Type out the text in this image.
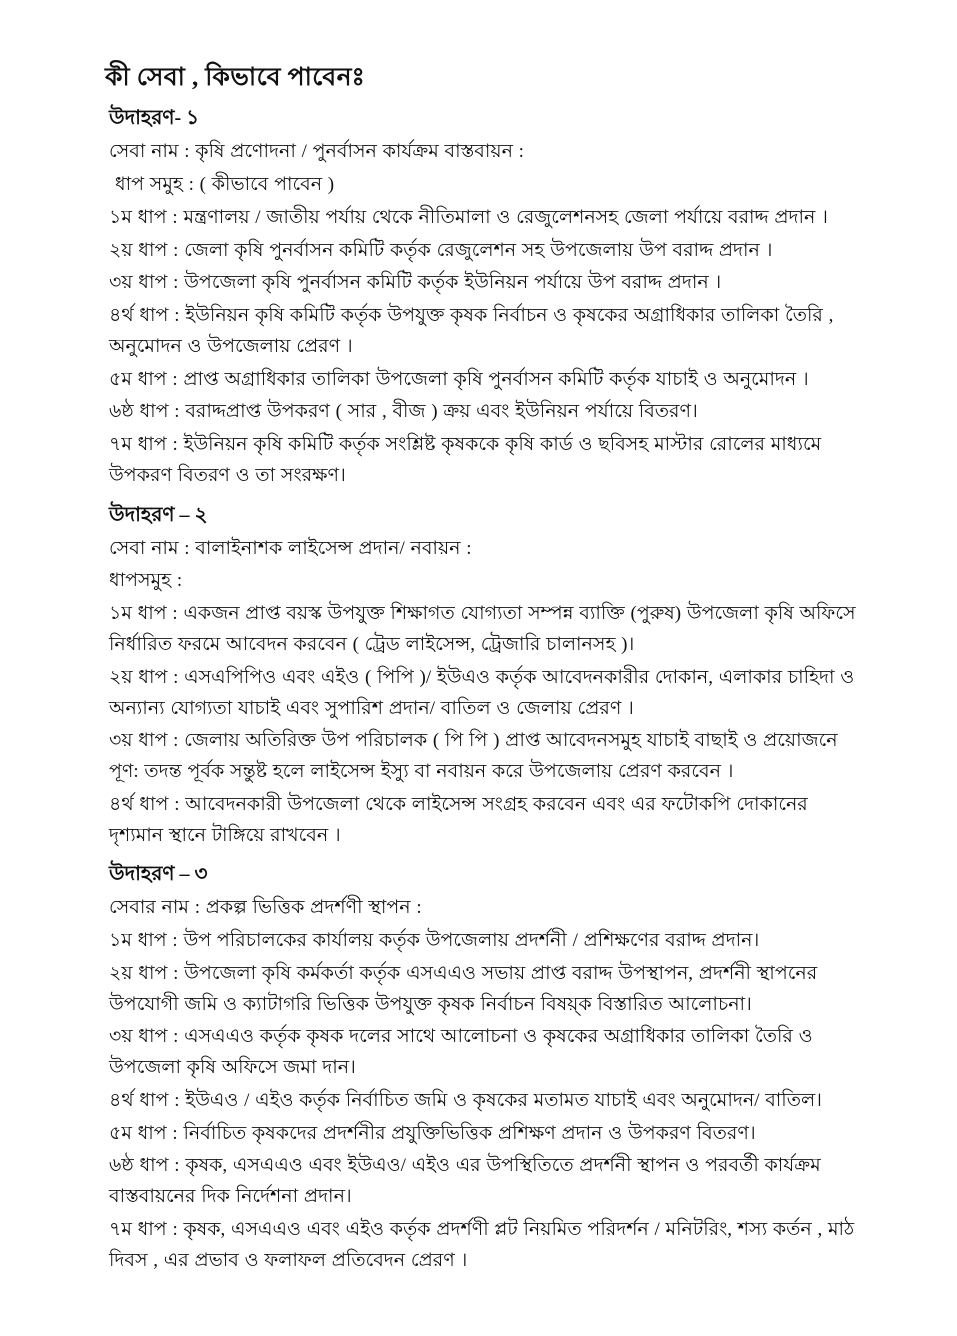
কী সেবা , কিভাবে পাবেনঃ
উদাহরণ- ১
সেবা নাম : কৃষি প্রণোদনা / পুনর্বাসন কার্যক্রম বাস্তবায়ন :
ধাপ সমুহ : ( কীভাবে পাবেন )
১ম ধাপ : মন্ত্রণালয় / জাতীয় পর্যায় থেকে নীতিমালা ও রেজুলেশনসহ জেলা পর্যায়ে বরাদ্দ প্রদান ।
২য় ধাপ : জেলা কৃষি পুনর্বাসন কমিটি কর্তৃক রেজুলেশন সহ উপজেলায় উপ বরাদ্দ প্রদান ।
৩য় ধাপ : উপজেলা কৃষি পুনর্বাসন কমিটি কর্তৃক ইউনিয়ন পর্যায়ে উপ বরাদ্দ প্রদান ।
৪র্থ ধাপ : ইউনিয়ন কৃষি কমিটি কর্তৃক উপযুক্ত কৃষক নির্বাচন ও কৃষকের অগ্রাধিকার তালিকা তৈরি , অনুমোদন ও উপজেলায় প্রেরণ ।
৫ম ধাপ : প্রাপ্ত অগ্রাধিকার তালিকা উপজেলা কৃষি পুনর্বাসন কমিটি কর্তৃক যাচাই ও অনুমোদন ।
৬ষ্ঠ ধাপ : বরাদ্দপ্রাপ্ত উপকরণ ( সার , বীজ ) ক্রয় এবং ইউনিয়ন পর্যায়ে বিতরণ।
৭ম ধাপ : ইউনিয়ন কৃষি কমিটি কর্তৃক সংশ্লিষ্ট কৃষককে কৃষি কার্ড ও ছবিসহ মাস্টার রোলের মাধ্যমে উপকরণ বিতরণ ও তা সংরক্ষণ।
উদাহরণ – ২
সেবা নাম : বালাইনাশক লাইসেন্স প্রদান/ নবায়ন :
ধাপসমুহ :
১ম ধাপ : একজন প্রাপ্ত বয়স্ক উপযুক্ত শিক্ষাগত যোগ্যতা সম্পন্ন ব্যাক্তি (পুরুষ) উপজেলা কৃষি অফিসে নির্ধারিত ফরমে আবেদন করবেন ( ট্রেড লাইসেন্স, ট্রেজারি চালানসহ )।
২য় ধাপ : এসএপিপিও এবং এইও ( পিপি )/ ইউএও কর্তৃক আবেদনকারীর দোকান, এলাকার চাহিদা ও অন্যান্য যোগ্যতা যাচাই এবং সুপারিশ প্রদান/ বাতিল ও জেলায় প্রেরণ ।
৩য় ধাপ : জেলায় অতিরিক্ত উপ পরিচালক ( পি পি ) প্রাপ্ত আবেদনসমুহ যাচাই বাছাই ও প্রয়োজনে পূণ: তদন্ত পূর্বক সন্তুষ্ট হলে লাইসেন্স ইস্যু বা নবায়ন করে উপজেলায় প্রেরণ করবেন ।
৪র্থ ধাপ : আবেদনকারী উপজেলা থেকে লাইসেন্স সংগ্রহ করবেন এবং এর ফটোকপি দোকানের দৃশ্যমান স্থানে টাঙ্গিয়ে রাখবেন ।
উদাহরণ – ৩
সেবার নাম : প্রকল্প ভিত্তিক প্রদর্শণী স্থাপন :
১ম ধাপ : উপ পরিচালকের কার্যালয় কর্তৃক উপজেলায় প্রদর্শনী / প্রশিক্ষণের বরাদ্দ প্রদান।
২য় ধাপ : উপজেলা কৃষি কর্মকর্তা কর্তৃক এসএএও সভায় প্রাপ্ত বরাদ্দ উপস্থাপন, প্রদর্শনী স্থাপনের উপযোগী জমি ও ক্যাটাগরি ভিত্তিক উপযুক্ত কৃষক নির্বাচন বিষয়্ক বিস্তারিত আলোচনা।
৩য় ধাপ : এসএএও কর্তৃক কৃষক দলের সাথে আলোচনা ও কৃষকের অগ্রাধিকার তালিকা তৈরি ও উপজেলা কৃষি অফিসে জমা দান।
৪র্থ ধাপ : ইউএও / এইও কর্তৃক নির্বাচিত জমি ও কৃষকের মতামত যাচাই এবং অনুমোদন/ বাতিল।
৫ম ধাপ : নির্বাচিত কৃষকদের প্রদর্শনীর প্রযুক্তিভিত্তিক প্রশিক্ষণ প্রদান ও উপকরণ বিতরণ।
৬ষ্ঠ ধাপ : কৃষক, এসএএও এবং ইউএও/ এইও এর উপস্থিতিতে প্রদর্শনী স্থাপন ও পরবর্তী কার্যক্রম বাস্তবায়নের দিক নির্দেশনা প্রদান।
৭ম ধাপ : কৃষক, এসএএও এবং এইও কর্তৃক প্রদর্শণী প্লট নিয়মিত পরিদর্শন / মনিটরিং, শস্য কর্তন , মাঠ দিবস , এর প্রভাব ও ফলাফল প্রতিবেদন প্রেরণ ।
